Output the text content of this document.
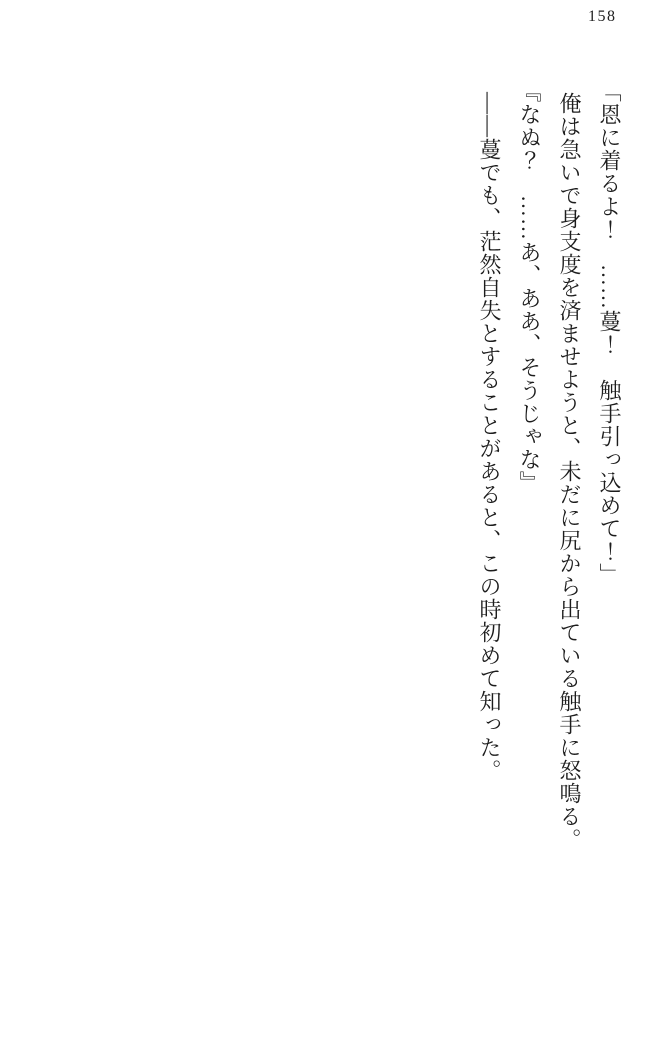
158

「恩に着るよ！　……蔓！　触手引っ込めて！」

俺は急いで身支度を済ませようと、未だに尻から出ている触手に怒鳴る。

『なぬ？　……あ、ああ、そうじゃな』

――蔓でも、茫然自失とすることがあると、この時初めて知った。
